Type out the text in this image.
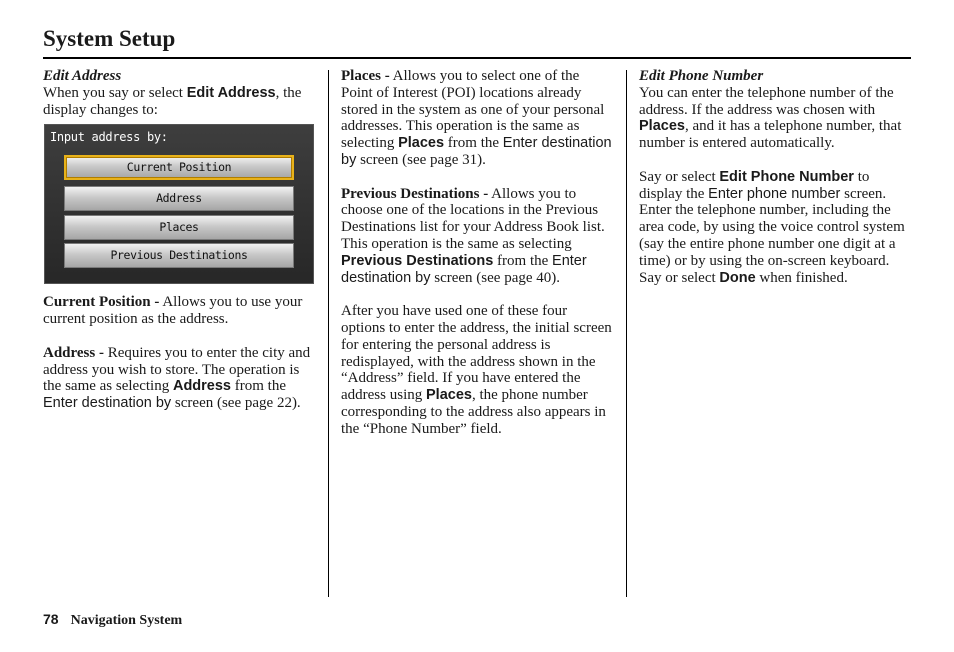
System Setup

Edit Address

When you say or select Edit Address, the display changes to:

Input address by:
Current Position
Address
Places
Previous Destinations

Current Position - Allows you to use your current position as the address.

Address - Requires you to enter the city and address you wish to store. The operation is the same as selecting Address from the Enter destination by screen (see page 22).

Places - Allows you to select one of the Point of Interest (POI) locations already stored in the system as one of your personal addresses. This operation is the same as selecting Places from the Enter destination by screen (see page 31).

Previous Destinations - Allows you to choose one of the locations in the Previous Destinations list for your Address Book list. This operation is the same as selecting Previous Destinations from the Enter destination by screen (see page 40).

After you have used one of these four options to enter the address, the initial screen for entering the personal address is redisplayed, with the address shown in the “Address” field. If you have entered the address using Places, the phone number corresponding to the address also appears in the “Phone Number” field.

Edit Phone Number

You can enter the telephone number of the address. If the address was chosen with Places, and it has a telephone number, that number is entered automatically.

Say or select Edit Phone Number to display the Enter phone number screen. Enter the telephone number, including the area code, by using the voice control system (say the entire phone number one digit at a time) or by using the on-screen keyboard. Say or select Done when finished.

78 Navigation System
